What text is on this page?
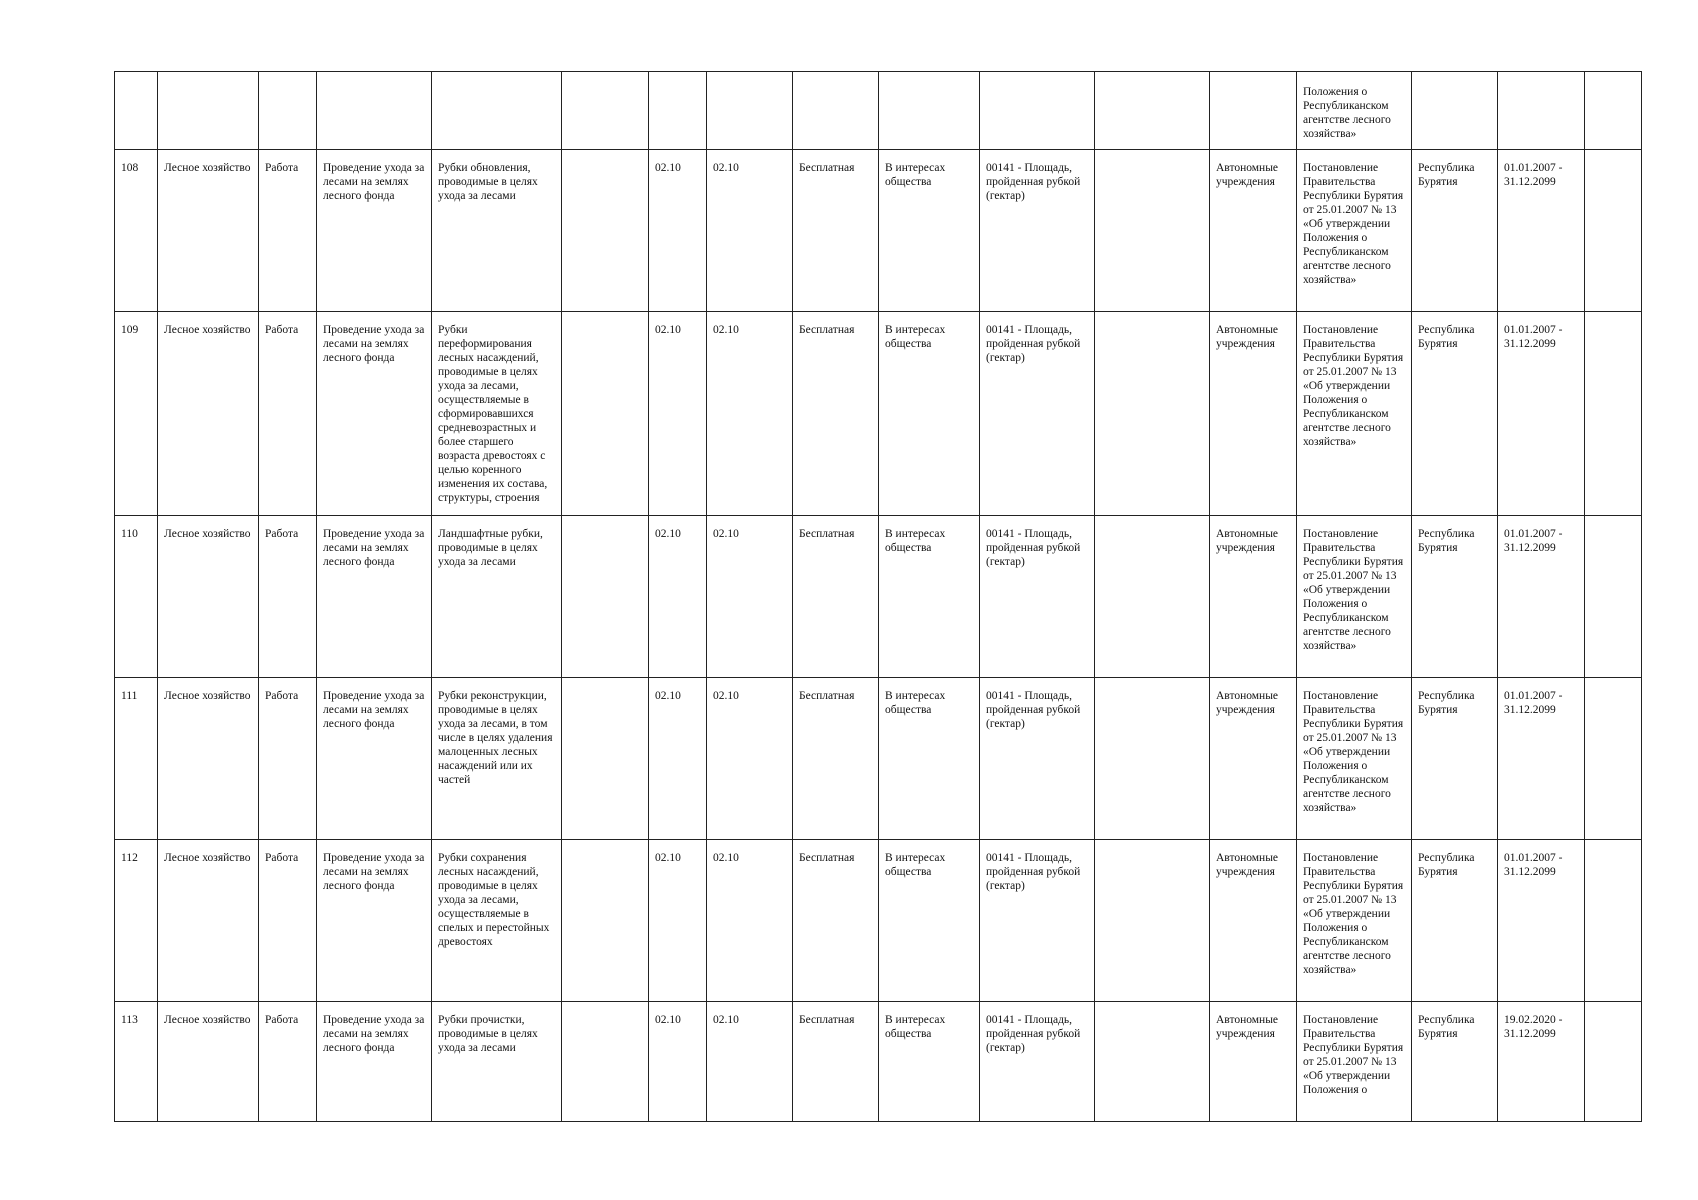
													Положения о Республиканском агентстве лесного хозяйства»			
108	Лесное хозяйство	Работа	Проведение ухода за лесами на землях лесного фонда	Рубки обновления, проводимые в целях ухода за лесами		02.10	02.10	Бесплатная	В интересах общества	00141 - Площадь, пройденная рубкой (гектар)		Автономные учреждения	Постановление Правительства Республики Бурятия от 25.01.2007 № 13 «Об утверждении Положения о Республиканском агентстве лесного хозяйства»	Республика Бурятия	01.01.2007 - 31.12.2099	
109	Лесное хозяйство	Работа	Проведение ухода за лесами на землях лесного фонда	Рубки переформирования лесных насаждений, проводимые в целях ухода за лесами, осуществляемые в сформировавшихся средневозрастных и более старшего возраста древостоях с целью коренного изменения их состава, структуры, строения		02.10	02.10	Бесплатная	В интересах общества	00141 - Площадь, пройденная рубкой (гектар)		Автономные учреждения	Постановление Правительства Республики Бурятия от 25.01.2007 № 13 «Об утверждении Положения о Республиканском агентстве лесного хозяйства»	Республика Бурятия	01.01.2007 - 31.12.2099	
110	Лесное хозяйство	Работа	Проведение ухода за лесами на землях лесного фонда	Ландшафтные рубки, проводимые в целях ухода за лесами		02.10	02.10	Бесплатная	В интересах общества	00141 - Площадь, пройденная рубкой (гектар)		Автономные учреждения	Постановление Правительства Республики Бурятия от 25.01.2007 № 13 «Об утверждении Положения о Республиканском агентстве лесного хозяйства»	Республика Бурятия	01.01.2007 - 31.12.2099	
111	Лесное хозяйство	Работа	Проведение ухода за лесами на землях лесного фонда	Рубки реконструкции, проводимые в целях ухода за лесами, в том числе в целях удаления малоценных лесных насаждений или их частей		02.10	02.10	Бесплатная	В интересах общества	00141 - Площадь, пройденная рубкой (гектар)		Автономные учреждения	Постановление Правительства Республики Бурятия от 25.01.2007 № 13 «Об утверждении Положения о Республиканском агентстве лесного хозяйства»	Республика Бурятия	01.01.2007 - 31.12.2099	
112	Лесное хозяйство	Работа	Проведение ухода за лесами на землях лесного фонда	Рубки сохранения лесных насаждений, проводимые в целях ухода за лесами, осуществляемые в спелых и перестойных древостоях		02.10	02.10	Бесплатная	В интересах общества	00141 - Площадь, пройденная рубкой (гектар)		Автономные учреждения	Постановление Правительства Республики Бурятия от 25.01.2007 № 13 «Об утверждении Положения о Республиканском агентстве лесного хозяйства»	Республика Бурятия	01.01.2007 - 31.12.2099	
113	Лесное хозяйство	Работа	Проведение ухода за лесами на землях лесного фонда	Рубки прочистки, проводимые в целях ухода за лесами		02.10	02.10	Бесплатная	В интересах общества	00141 - Площадь, пройденная рубкой (гектар)		Автономные учреждения	Постановление Правительства Республики Бурятия от 25.01.2007 № 13 «Об утверждении Положения о	Республика Бурятия	19.02.2020 - 31.12.2099	
